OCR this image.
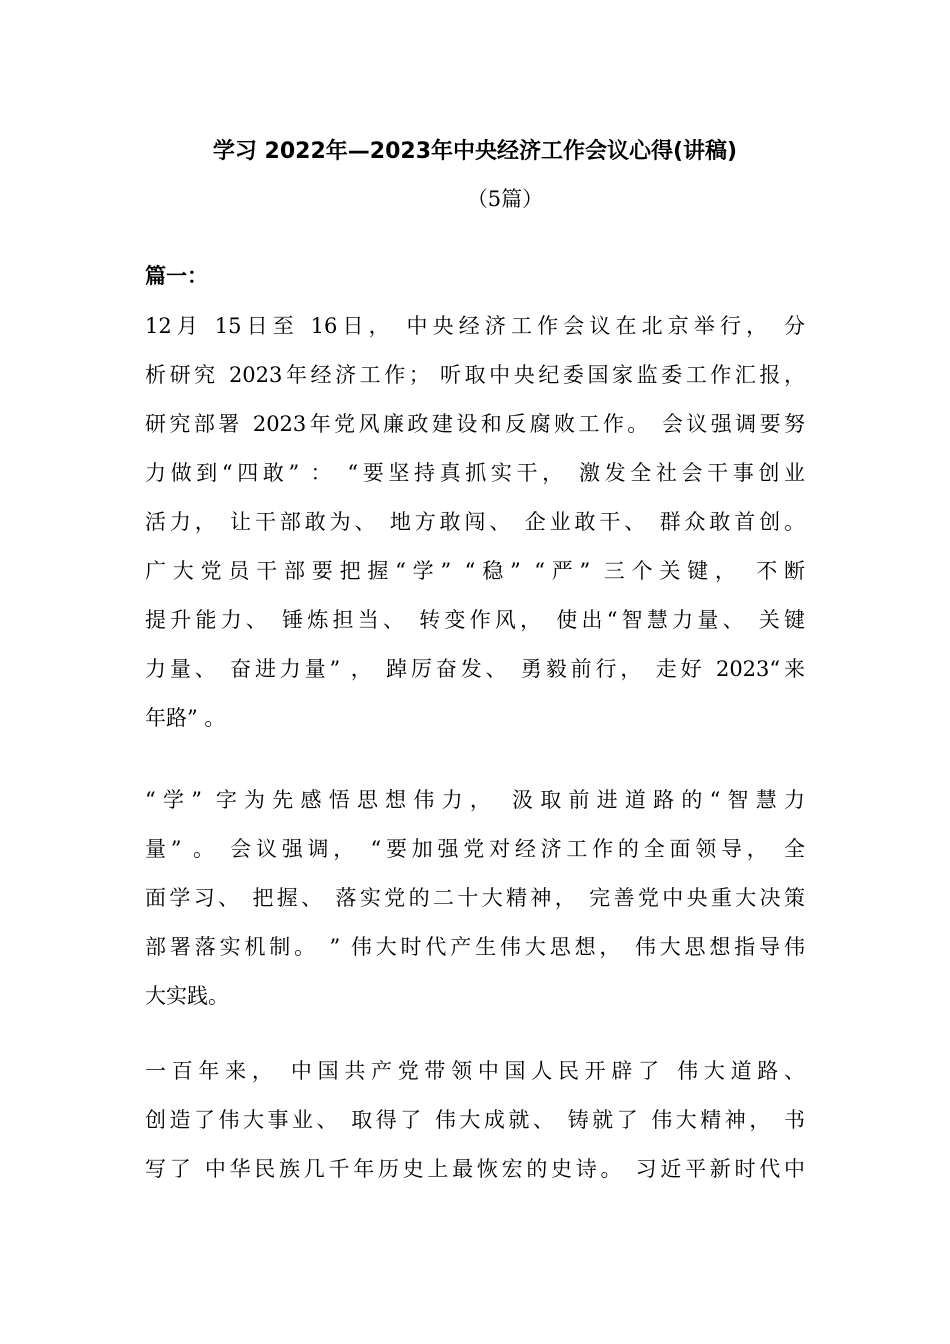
学习 2022年—2023年中央经济工作会议心得(讲稿)
（5篇）
篇一：
12月 15日至 16日， 中央经济工作会议在北京举行， 分
析研究 2023年经济工作； 听取中央纪委国家监委工作汇报，
研究部署 2023年党风廉政建设和反腐败工作。 会议强调要努
力做到“四敢” ： “要坚持真抓实干， 激发全社会干事创业
活力， 让干部敢为、 地方敢闯、 企业敢干、 群众敢首创。
广大党员干部要把握“学” “稳” “严” 三个关键， 不断
提升能力、 锤炼担当、 转变作风， 使出“智慧力量、 关键
力量、 奋进力量” ， 踔厉奋发、 勇毅前行， 走好 2023“来
年路” 。
“学” 字为先感悟思想伟力， 汲取前进道路的“智慧力
量” 。 会议强调， “要加强党对经济工作的全面领导， 全
面学习、 把握、 落实党的二十大精神， 完善党中央重大决策
部署落实机制。 ” 伟大时代产生伟大思想， 伟大思想指导伟
大实践。
一百年来， 中国共产党带领中国人民开辟了 伟大道路、
创造了伟大事业、 取得了 伟大成就、 铸就了 伟大精神， 书
写了 中华民族几千年历史上最恢宏的史诗。 习近平新时代中
